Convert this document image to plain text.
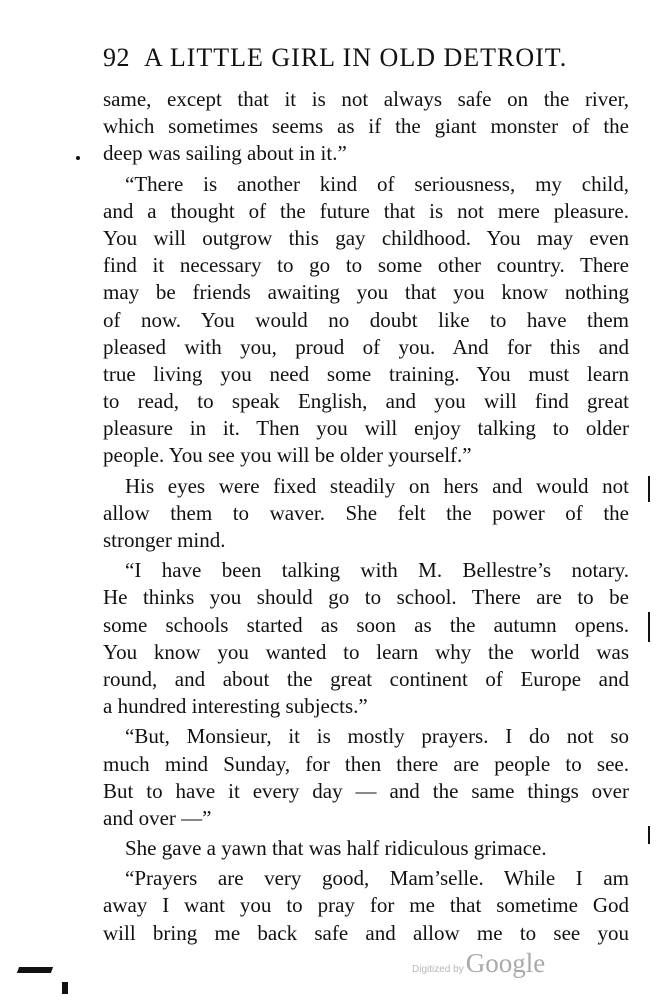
92 A LITTLE GIRL IN OLD DETROIT.
same, except that it is not always safe on the river,
which sometimes seems as if the giant monster of the
deep was sailing about in it.”
“There is another kind of seriousness, my child,
and a thought of the future that is not mere pleasure.
You will outgrow this gay childhood. You may even
find it necessary to go to some other country. There
may be friends awaiting you that you know nothing
of now. You would no doubt like to have them
pleased with you, proud of you. And for this and
true living you need some training. You must learn
to read, to speak English, and you will find great
pleasure in it. Then you will enjoy talking to older
people. You see you will be older yourself.”
His eyes were fixed steadily on hers and would not
allow them to waver. She felt the power of the
stronger mind.
“I have been talking with M. Bellestre’s notary.
He thinks you should go to school. There are to be
some schools started as soon as the autumn opens.
You know you wanted to learn why the world was
round, and about the great continent of Europe and
a hundred interesting subjects.”
“But, Monsieur, it is mostly prayers. I do not so
much mind Sunday, for then there are people to see.
But to have it every day — and the same things over
and over —”
She gave a yawn that was half ridiculous grimace.
“Prayers are very good, Mam’selle. While I am
away I want you to pray for me that sometime God
will bring me back safe and allow me to see you
Digitized by Google
